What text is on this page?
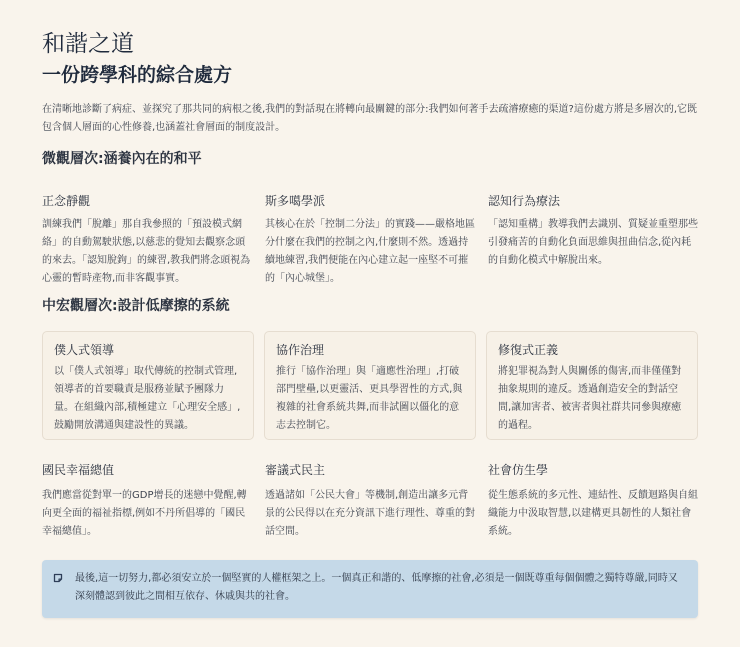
和諧之道
一份跨學科的綜合處方

在清晰地診斷了病症、並探究了那共同的病根之後,我們的對話現在將轉向最關鍵的部分:我們如何著手去疏濬療癒的渠道?這份處方將是多層次的,它既包含個人層面的心性修養,也涵蓋社會層面的制度設計。

微觀層次:涵養內在的和平
正念靜觀
訓練我們「脫離」那自我參照的「預設模式網絡」的自動駕駛狀態,以慈悲的覺知去觀察念頭的來去。「認知脫鉤」的練習,教我們將念頭視為心靈的暫時產物,而非客觀事實。
斯多噶學派
其核心在於「控制二分法」的實踐——嚴格地區分什麼在我們的控制之內,什麼則不然。透過持續地練習,我們便能在內心建立起一座堅不可摧的「內心城堡」。
認知行為療法
「認知重構」教導我們去識別、質疑並重塑那些引發痛苦的自動化負面思維與扭曲信念,從內耗的自動化模式中解脫出來。
中宏觀層次:設計低摩擦的系統
僕人式領導
以「僕人式領導」取代傳統的控制式管理,領導者的首要職責是服務並賦予團隊力量。在組織內部,積極建立「心理安全感」,鼓勵開放溝通與建設性的異議。
協作治理
推行「協作治理」與「適應性治理」,打破部門壁壘,以更靈活、更具學習性的方式,與複雜的社會系統共舞,而非試圖以僵化的意志去控制它。
修復式正義
將犯罪視為對人與關係的傷害,而非僅僅對抽象規則的違反。透過創造安全的對話空間,讓加害者、被害者與社群共同參與療癒的過程。
國民幸福總值
我們應當從對單一的GDP增長的迷戀中覺醒,轉向更全面的福祉指標,例如不丹所倡導的「國民幸福總值」。
審議式民主
透過諸如「公民大會」等機制,創造出讓多元背景的公民得以在充分資訊下進行理性、尊重的對話空間。
社會仿生學
從生態系統的多元性、連結性、反饋迴路與自組織能力中汲取智慧,以建構更具韌性的人類社會系統。

最後,這一切努力,都必須安立於一個堅實的人權框架之上。一個真正和諧的、低摩擦的社會,必須是一個既尊重每個個體之獨特尊嚴,同時又深刻體認到彼此之間相互依存、休戚與共的社會。
